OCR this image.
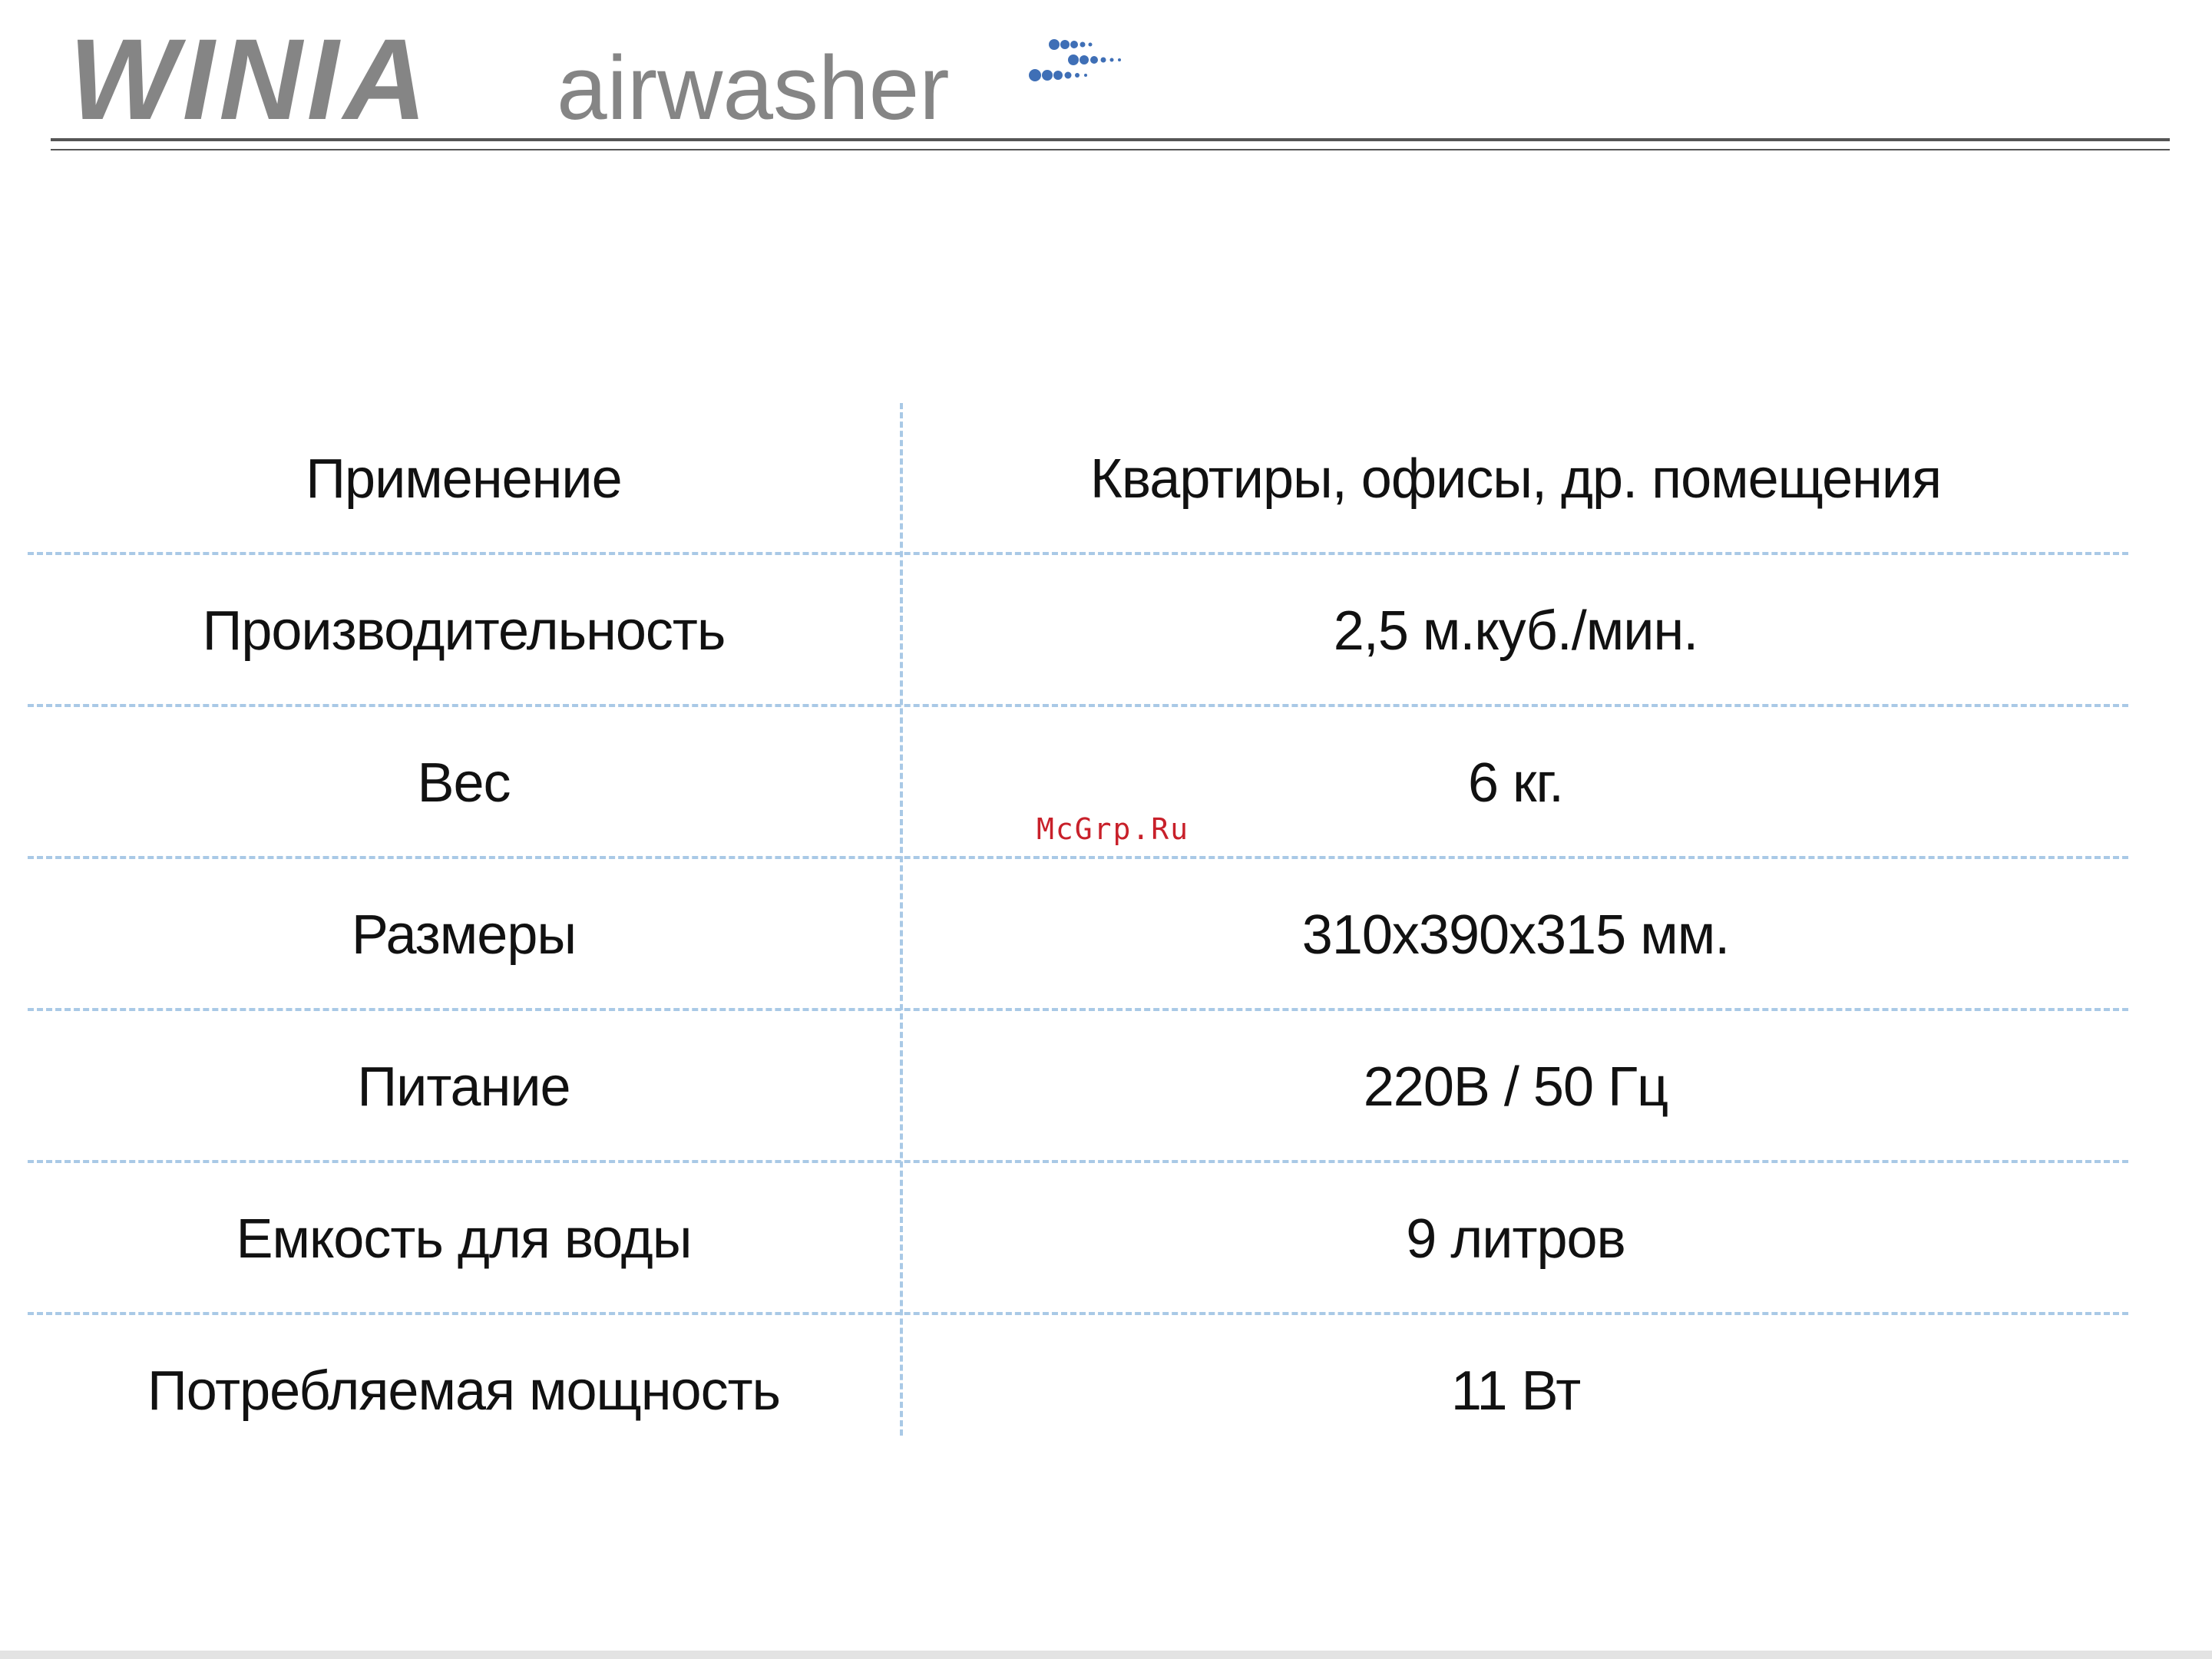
WINIA airwasher
Применение	Квартиры, офисы, др. помещения
Производительность	2,5 м.куб./мин.
Вес	6 кг.
Размеры	310x390x315 мм.
Питание	220В / 50 Гц
Емкость для воды	9 литров
Потребляемая мощность	11 Вт
McGrp.Ru
